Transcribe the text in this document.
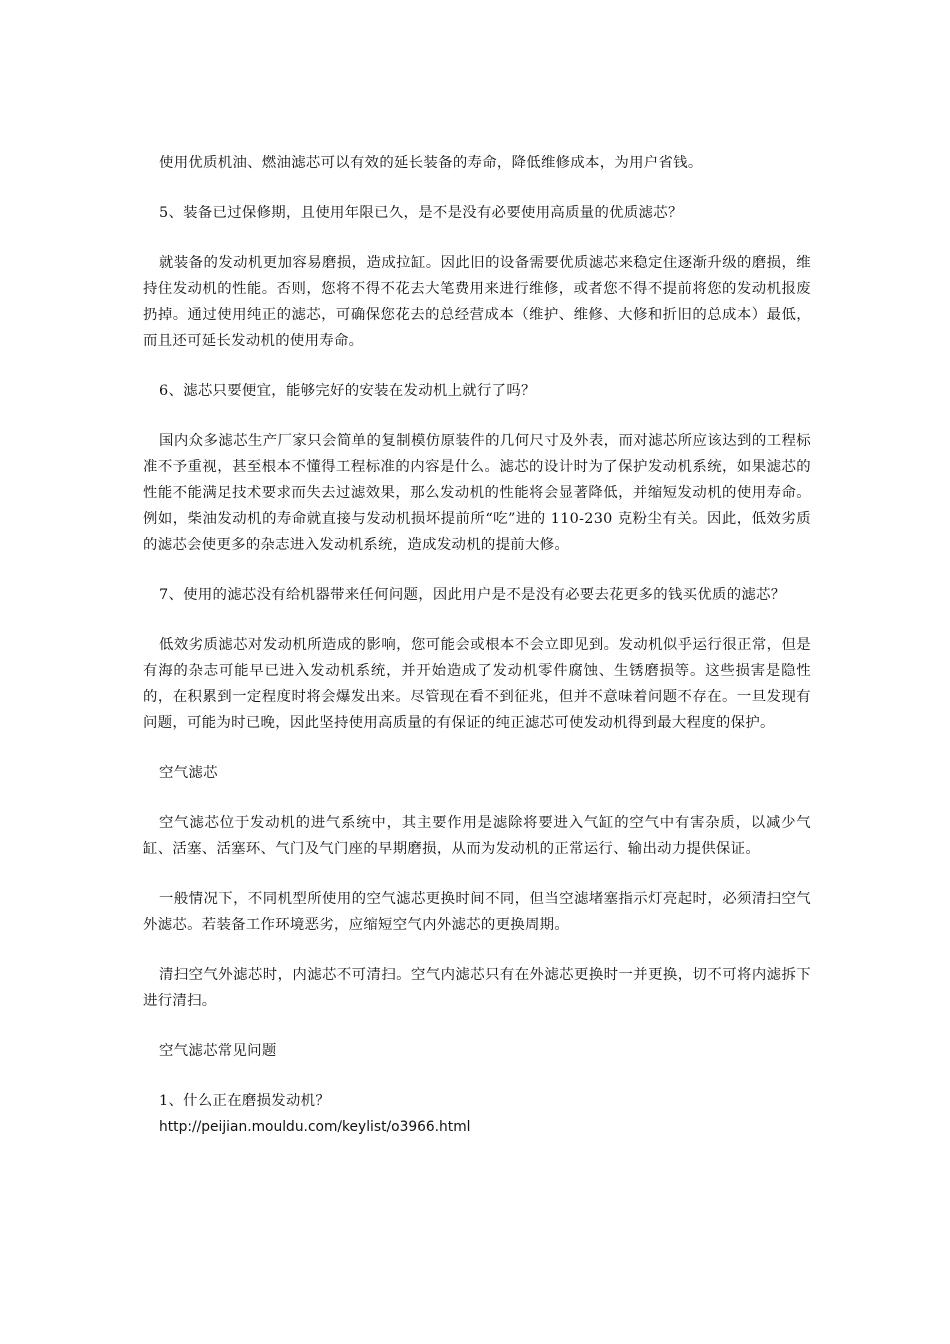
使用优质机油、燃油滤芯可以有效的延长装备的寿命，降低维修成本，为用户省钱。

5、装备已过保修期，且使用年限已久，是不是没有必要使用高质量的优质滤芯？

就装备的发动机更加容易磨损，造成拉缸。因此旧的设备需要优质滤芯来稳定住逐渐升级的磨损，维持住发动机的性能。否则，您将不得不花去大笔费用来进行维修，或者您不得不提前将您的发动机报废扔掉。通过使用纯正的滤芯，可确保您花去的总经营成本（维护、维修、大修和折旧的总成本）最低，而且还可延长发动机的使用寿命。

6、滤芯只要便宜，能够完好的安装在发动机上就行了吗？

国内众多滤芯生产厂家只会简单的复制模仿原装件的几何尺寸及外表，而对滤芯所应该达到的工程标准不予重视，甚至根本不懂得工程标准的内容是什么。滤芯的设计时为了保护发动机系统，如果滤芯的性能不能满足技术要求而失去过滤效果，那么发动机的性能将会显著降低，并缩短发动机的使用寿命。例如，柴油发动机的寿命就直接与发动机损坏提前所“吃”进的 110-230 克粉尘有关。因此，低效劣质的滤芯会使更多的杂志进入发动机系统，造成发动机的提前大修。

7、使用的滤芯没有给机器带来任何问题，因此用户是不是没有必要去花更多的钱买优质的滤芯？

低效劣质滤芯对发动机所造成的影响，您可能会或根本不会立即见到。发动机似乎运行很正常，但是有海的杂志可能早已进入发动机系统，并开始造成了发动机零件腐蚀、生锈磨损等。这些损害是隐性的，在积累到一定程度时将会爆发出来。尽管现在看不到征兆，但并不意味着问题不存在。一旦发现有问题，可能为时已晚，因此坚持使用高质量的有保证的纯正滤芯可使发动机得到最大程度的保护。

空气滤芯

空气滤芯位于发动机的进气系统中，其主要作用是滤除将要进入气缸的空气中有害杂质，以减少气缸、活塞、活塞环、气门及气门座的早期磨损，从而为发动机的正常运行、输出动力提供保证。

一般情况下，不同机型所使用的空气滤芯更换时间不同，但当空滤堵塞指示灯亮起时，必须清扫空气外滤芯。若装备工作环境恶劣，应缩短空气内外滤芯的更换周期。

清扫空气外滤芯时，内滤芯不可清扫。空气内滤芯只有在外滤芯更换时一并更换，切不可将内滤拆下进行清扫。

空气滤芯常见问题

1、什么正在磨损发动机？

http://peijian.mouldu.com/keylist/o3966.html
